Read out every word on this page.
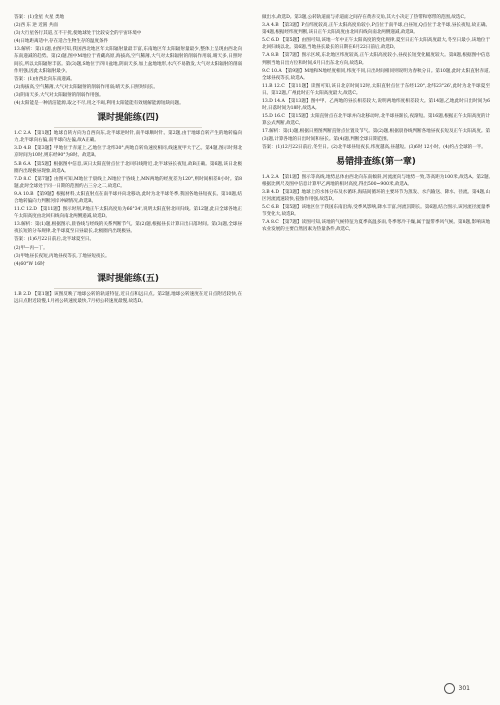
答案：(1)金星 火星 类地

(2)西 东 逆 近圆 共面

(3)大行星各行其道,互不干扰,使地球处于比较安全的宇宙环境中

(4)日地距离适中,存在适合生物生存的温度条件

13.解析：第(1)题,由图可知,我国西北地区年太阳辐射量最丰富,东南地区年太阳辐射量最少,整体上呈现由西北向东南递减的趋势。第(2)题,图中M地位于青藏高原,海拔高,空气稀薄,大气对太阳辐射的削弱作用弱,晴天多,日照时间长,所以太阳辐射丰富。第(3)题,S地位于四川盆地,阴雨天多,加上盆地地形,水汽不易散发,大气对太阳辐射的削弱作用强,因此太阳辐射最少。

答案：(1)由西北向东南递减。

(2)海拔高,空气稀薄,大气对太阳辐射的削弱作用弱;晴天多,日照时间长。

(3)阴雨天多,大气对太阳辐射的削弱作用强。

(4)太阳能是一种清洁能源,取之不尽,用之不竭,利用太阳能能有效缓解能源短缺问题。

课时提能练(四)

1.C 2.A 【第1题】地球自转方向为自西向东,北半球逆时针,南半球顺时针。第2题,由于地球自转产生的地转偏向力,北半球向右偏,南半球向左偏,故A正确。

3.D 4.B 【第3题】甲地位于赤道上,乙地位于北纬30°,两地自转角速度相同,线速度甲大于乙。第4题,图示时刻北京时间为10时,则东经90°为8时。故选B。

5.B 6.A 【第5题】根据图中信息,该日太阳直射点位于北回归线附近,北半球昼长夜短,故B正确。第6题,该日北极圈内出现极昼现象,故选A。

7.D 8.C 【第7题】由图可知,M地位于晨线上,N地位于昏线上,MN两地的经度差为120°,则时间相差8小时。第8题,此时全球处于同一日期的范围约占三分之二,故选C。

9.A 10.B 【第9题】根据材料,太阳直射点在南半球并向北移动,此时为北半球冬季,我国各地昼短夜长。第10题,结合地转偏向力判断河岸冲刷情况,故选B。

11.C 12.D 【第11题】图示时刻,P地正午太阳高度角为66°34',说明太阳直射北回归线。第12题,此日全球各地正午太阳高度由北回归线向南北两侧递减,故选D。

13.解析：第(1)题,根据图示,晨昏线与经线的关系判断节气。第(2)题,根据昼长计算日出日落时间。第(3)题,全球昼夜长短的分布规律,北半球夏至日昼最长,北极圈内出现极昼。

答案：(1)6月22日前后,北半球夏至日。

(2)甲—丙—丁。

(3)甲地昼长夜短,丙地昼夜等长,丁地昼短夜长。

(4)60°W 16时

课时提能练(五)

1.B 2.D 【第1题】该图反映了地球公转的轨道特征,近日点和远日点。第2题,地球公转速度在近日点附近较快,在远日点附近较慢,1月初公转速度最快,7月初公转速度最慢,故选D。

做出水,故选D。第3题,公转轨道面与赤道面之间存在黄赤交角,其大小决定了热带和寒带的范围,故选C。

3.A 4.B 【第3题】P点纬度较高,正午太阳高度角较小,P点位于南半球,白昼短,Q点位于北半球,昼长夜短,故正确。第4题,根据经纬度判断,该日正午太阳高度由北回归线向南北两侧递减,故选B。

5.C 6.D 【第5题】由图可知,该地一年中正午太阳高度的变化规律,夏至日正午太阳高度最大,冬至日最小,该地位于北回归线以北。第6题,当地昼长最长的日期在6月22日前后,故选D。

7.A 8.B 【第7题】图示区域,东北地区纬度较高,正午太阳高度较小,昼夜长短变化幅度较大。第8题,根据图中信息判断当地日出方位和时间,6月日出东北方向,故选B。

9.C 10.A 【第9题】M地和N地经度相同,纬度不同,日出时间相同则说明为春秋分日。第10题,此时太阳直射赤道,全球昼夜等长,故选A。

11.B 12.C 【第11题】读图可知,该日北京时间12时,太阳直射点位于东经120°,北纬23°26',此时为北半球夏至日。第12题,广州此时正午太阳高度最大,故选C。

13.D 14.A 【第13题】图中甲、乙两地的昼长相差较大,说明两地纬度相差较大。第14题,乙地此时日出时间为6时,日落时间为18时,故选A。

15.D 16.C 【第15题】太阳直射点在北半球并向北移动时,北半球昼渐长,夜渐短。第16题,根据正午太阳高度的计算公式判断,故选C。

17.解析：第(1)题,根据日照图判断直射点位置及节气。第(2)题,根据晨昏线判断各地昼夜长短及正午太阳高度。第(3)题,计算各地的日出时间和昼长。第(4)题,判断全球日期范围。

答案：(1)12月22日前后,冬至日。(2)北半球昼短夜长,纬度越高,昼越短。(3)6时 12小时。(4)约占全球的一半。

易错排查练(第一章)

1.A 2.A 【第1题】图示等高线,地势总体由西北向东南倾斜,河流流向与地势一致,等高距为100米,故选A。第2题,根据比例尺及图中信息计算甲乙两地的相对高度,得出500~900米,故选A。

3.B 4.D 【第3题】地球上的水体分布及水循环,海陆间循环的主要环节为蒸发、水汽输送、降水、径流。第4题,山区河流流速较快,侵蚀作用强,故选D。

5.C 6.B 【第5题】该地区位于我国东南沿海,受季风影响,降水丰富,河流汛期长。第6题,结合图示,该河流径流量季节变化大,故选B。

7.A 8.C 【第7题】读图可知,该地的气候特征为夏季高温多雨,冬季寒冷干燥,属于温带季风气候。第8题,影响该地农业发展的主要自然因素为热量条件,故选C。

301
